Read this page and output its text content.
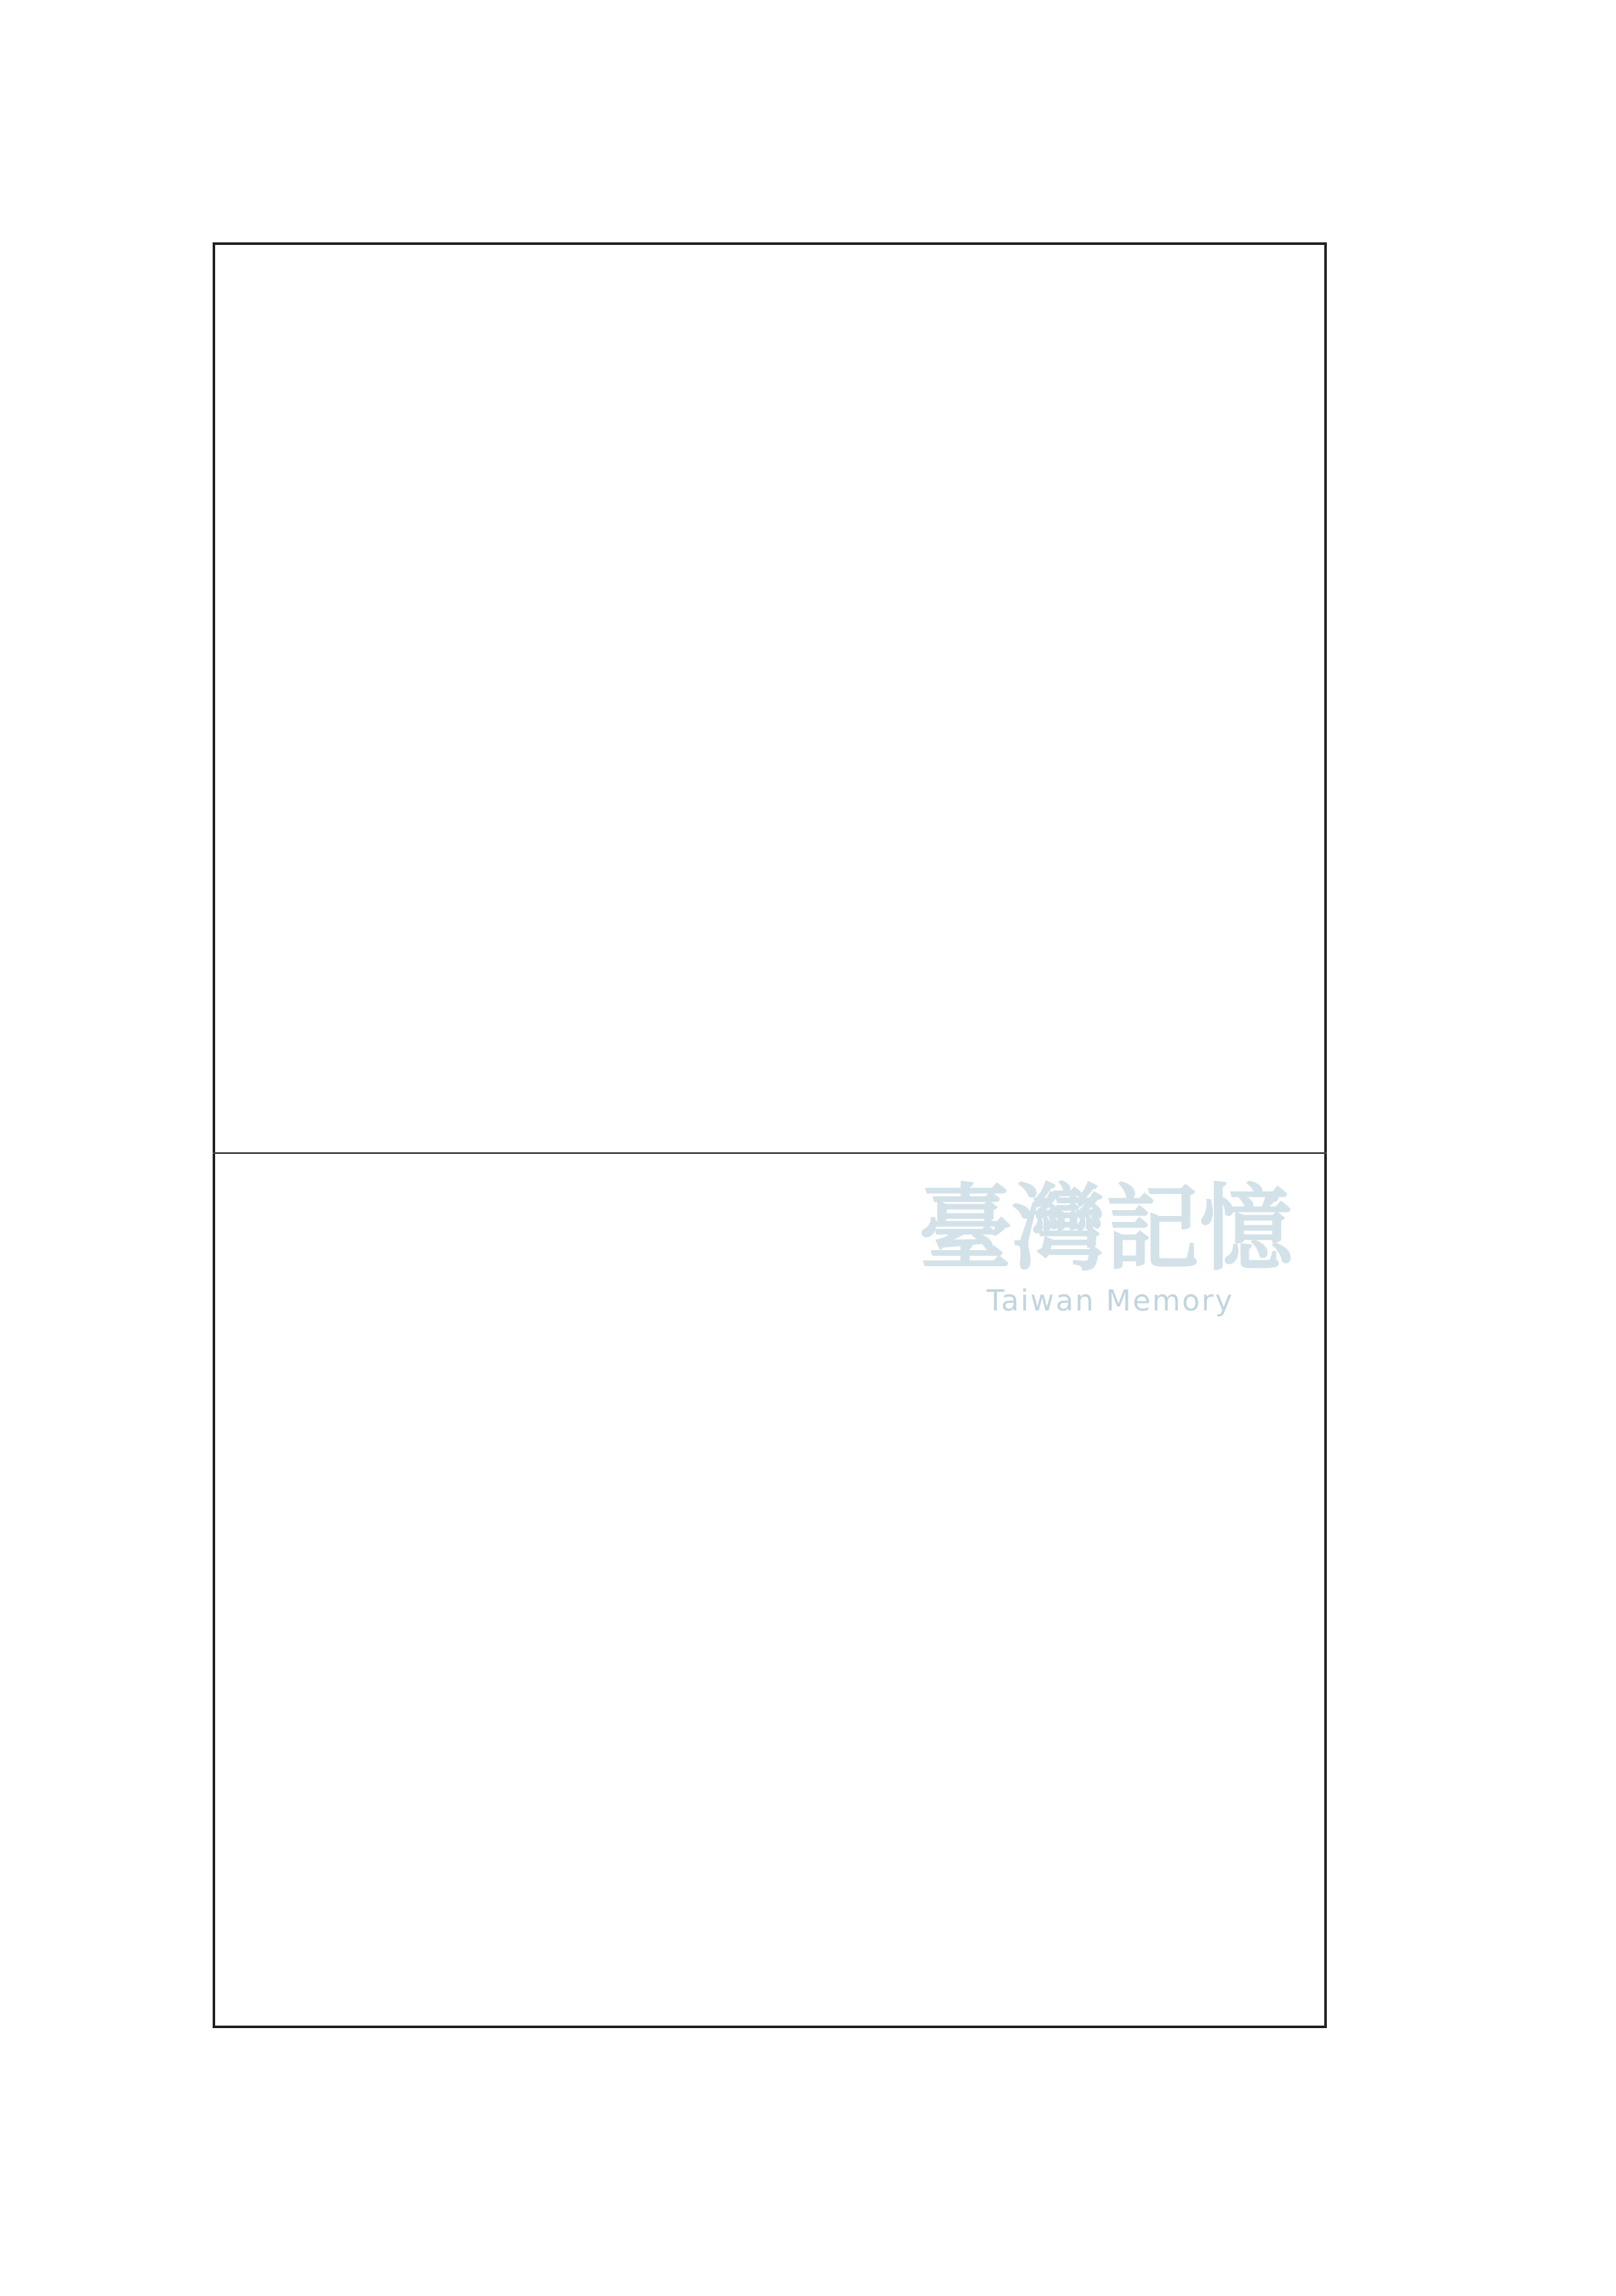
臺灣記憶
Taiwan Memory
